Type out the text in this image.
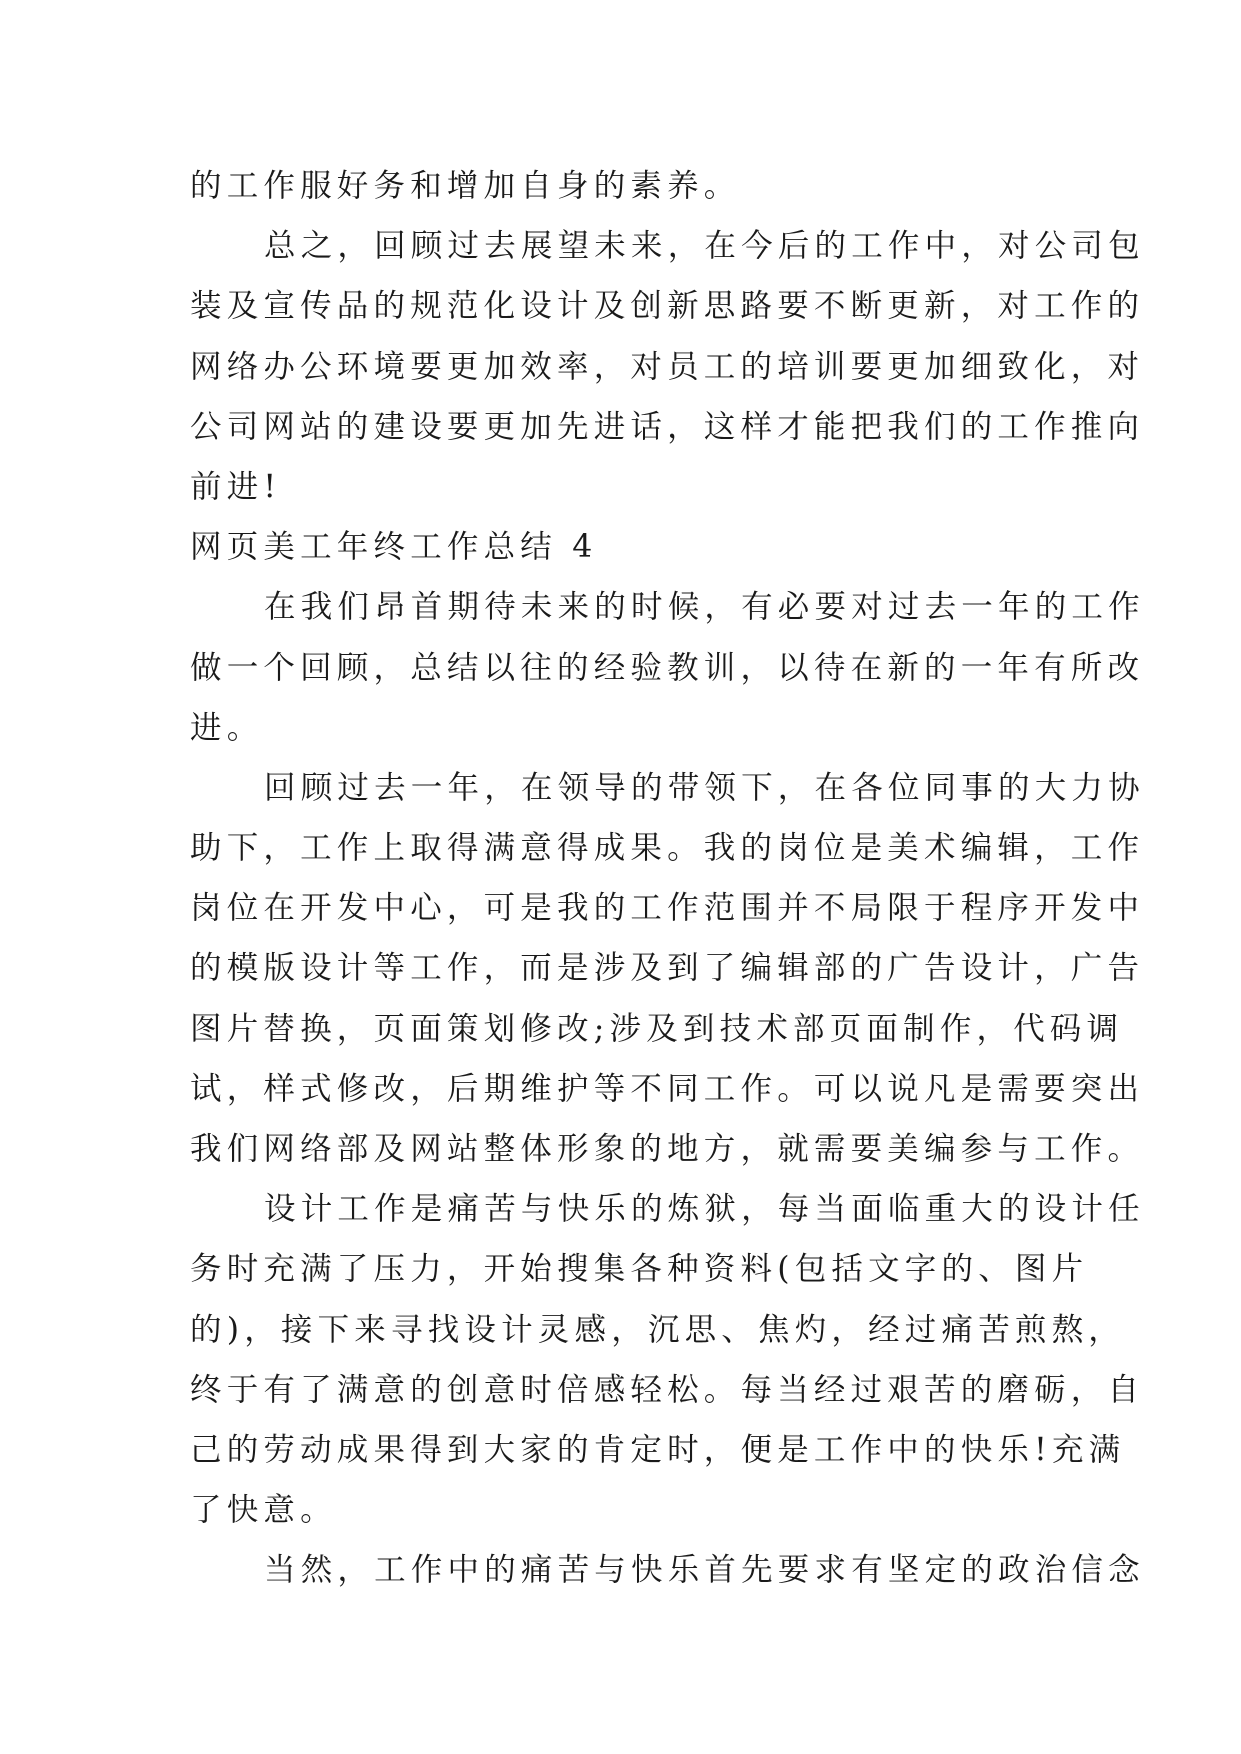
的工作服好务和增加自身的素养。
总之，回顾过去展望未来，在今后的工作中，对公司包
装及宣传品的规范化设计及创新思路要不断更新，对工作的
网络办公环境要更加效率，对员工的培训要更加细致化，对
公司网站的建设要更加先进话，这样才能把我们的工作推向
前进!
网页美工年终工作总结 4
在我们昂首期待未来的时候，有必要对过去一年的工作
做一个回顾，总结以往的经验教训，以待在新的一年有所改
进。
回顾过去一年，在领导的带领下，在各位同事的大力协
助下，工作上取得满意得成果。我的岗位是美术编辑，工作
岗位在开发中心，可是我的工作范围并不局限于程序开发中
的模版设计等工作，而是涉及到了编辑部的广告设计，广告
图片替换，页面策划修改;涉及到技术部页面制作，代码调
试，样式修改，后期维护等不同工作。可以说凡是需要突出
我们网络部及网站整体形象的地方，就需要美编参与工作。
设计工作是痛苦与快乐的炼狱，每当面临重大的设计任
务时充满了压力，开始搜集各种资料(包括文字的、图片
的)，接下来寻找设计灵感，沉思、焦灼，经过痛苦煎熬，
终于有了满意的创意时倍感轻松。每当经过艰苦的磨砺，自
己的劳动成果得到大家的肯定时，便是工作中的快乐!充满
了快意。
当然，工作中的痛苦与快乐首先要求有坚定的政治信念
